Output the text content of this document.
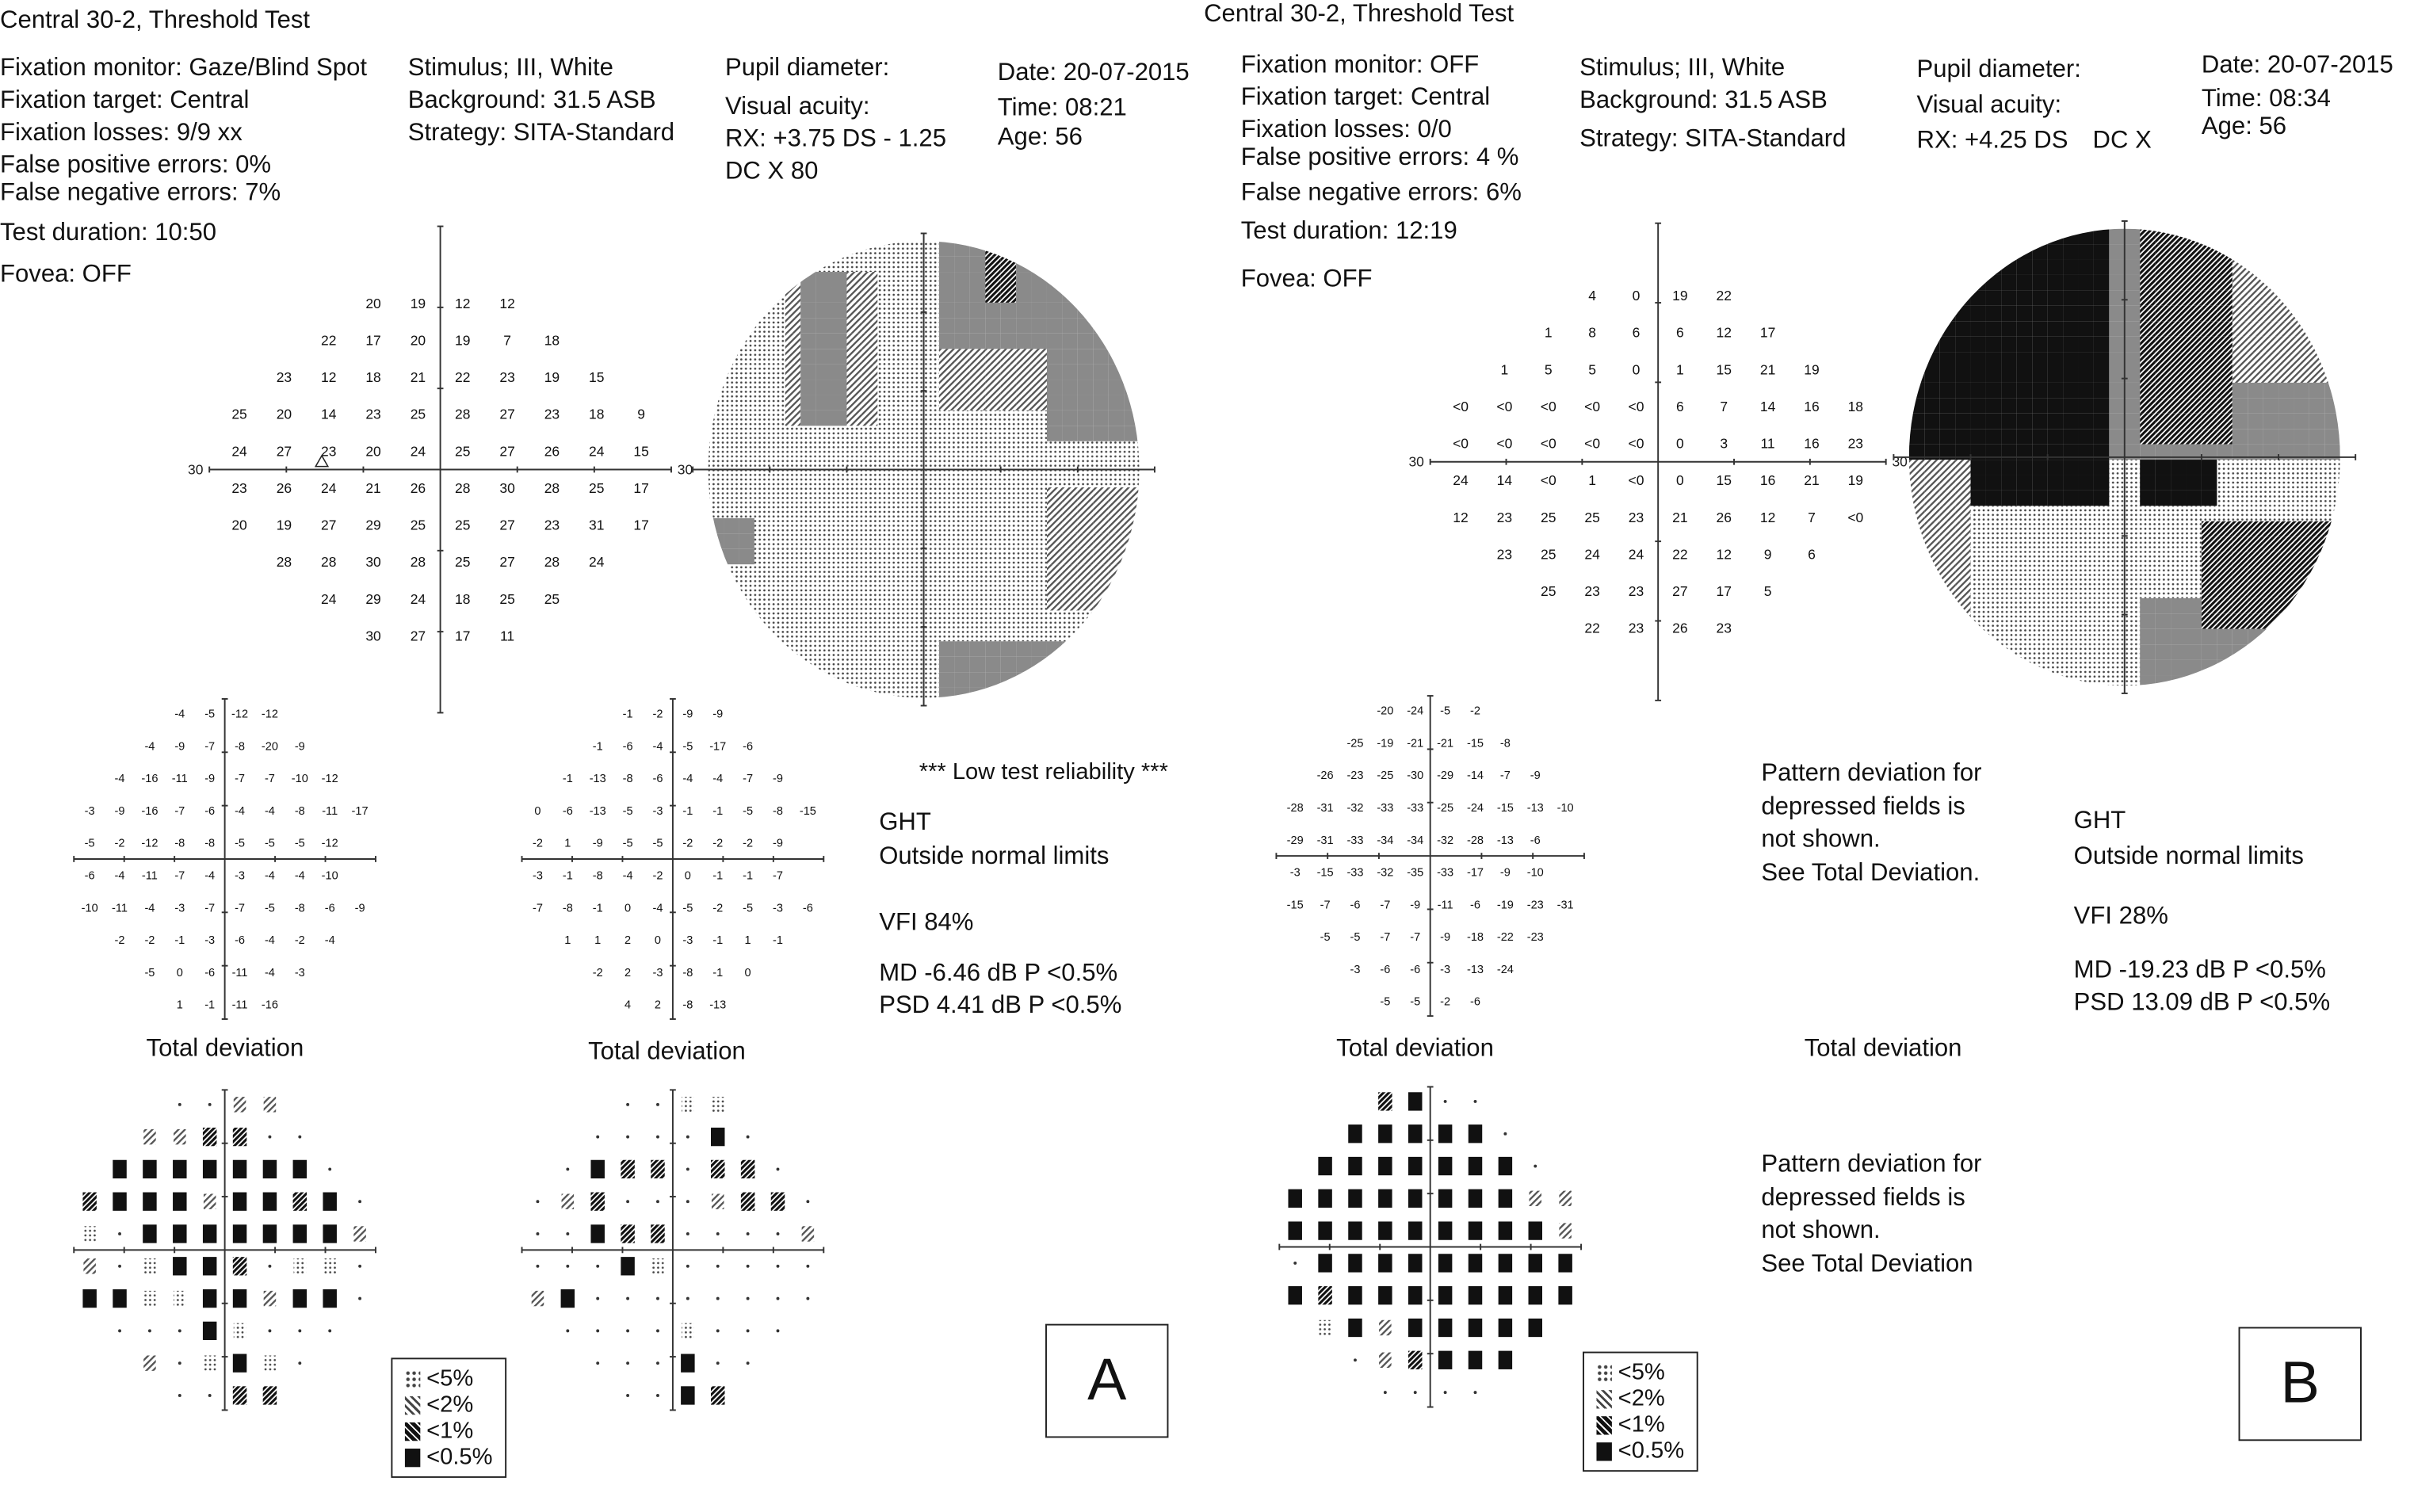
Central 30-2, Threshold Test
Fixation monitor: Gaze/Blind Spot
Fixation target: Central
Fixation losses: 9/9 xx
False positive errors: 0%
False negative errors: 7%
Test duration: 10:50
Fovea: OFF
Stimulus; III, White
Background: 31.5 ASB
Strategy: SITA-Standard
Pupil diameter:
Visual acuity:
RX: +3.75 DS - 1.25
DC X 80
Date: 20-07-2015
Time: 08:21
Age: 56
30	30
20	19	12	12
22	17	20	19	7	18
23	12	18	21	22	23	19	15
25	20	14	23	25	28	27	23	18	9
24	27	23	20	24	25	27	26	24	15
23	26	24	21	26	28	30	28	25	17
20	19	27	29	25	25	27	23	31	17
28	28	30	28	25	27	28	24
24	29	24	18	25	25
30	27	17	11
-4	-5	-12 -12
-4	-9	-7	-8	-20	-9
-4	-16 -11	-9	-7	-7	-10 -12
-3	-9	-16	-7	-6	-4	-4	-8	-11 -17
-5	-2	-12	-8	-8	-5	-5	-5	-12
-6	-4	-11	-7	-4	-3	-4	-4	-10
-10 -11	-4	-3	-7	-7	-5	-8	-6	-9
-2	-2	-1	-3	-6	-4	-2	-4
-5	0	-6	-11	-4	-3
1	-1	-11 -16
-1	-2	-9	-9
-1	-6	-4	-5	-17	-6
-1	-13	-8	-6	-4	-4	-7	-9
0	-6	-13	-5	-3	-1	-1	-5	-8	-15
-2	1	-9	-5	-5	-2	-2	-2	-9
-3	-1	-8	-4	-2	0	-1	-1	-7
-7	-8	-1	0	-4	-5	-2	-5	-3	-6
1	1	2	0	-3	-1	1	-1
-2	2	-3	-8	-1	0
4	2	-8	-13
Total deviation	Total deviation
*** Low test reliability ***
GHT
Outside normal limits
VFI 84%
MD -6.46 dB P <0.5%
PSD 4.41 dB P <0.5%
<5%
<2%
<1%
<0.5%
A
Central 30-2, Threshold Test
Fixation monitor: OFF
Fixation target: Central
Fixation losses: 0/0
False positive errors: 4 %
False negative errors: 6%
Test duration: 12:19
Fovea: OFF
Stimulus; III, White
Background: 31.5 ASB
Strategy: SITA-Standard
Pupil diameter:
Visual acuity:
RX: +4.25 DS DC X
Date: 20-07-2015
Time: 08:34
Age: 56
30	30
4	0	19	22
1	8	6	6	12	17
1	5	5	0	1	15	21	19
<0	<0	<0	<0	<0	6	7	14	16	18
<0	<0	<0	<0	<0	0	3	11	16	23
24	14	<0	1	<0	0	15	16	21	19
12	23	25	25	23	21	26	12	7	<0
23	25	24	24	22	12	9	6
25	23	23	27	17	5
22	23	26	23
-20 -24	-5	-2
-25 -19 -21 -21 -15	-8
-26 -23 -25 -30 -29 -14	-7	-9
-28 -31 -32 -33 -33 -25 -24 -15 -13 -10
-29 -31 -33 -34 -34 -32 -28 -13	-6
-3	-15 -33 -32 -35 -33 -17	-9	-10
-15	-7	-6	-7	-9	-11	-6	-19 -23 -31
-5	-5	-7	-7	-9	-18 -22 -23
-3	-6	-6	-3	-13 -24
-5	-5	-2	-6
Total deviation
Pattern deviation for
depressed fields is
not shown.
See Total Deviation.
Total deviation
GHT
Outside normal limits
VFI 28%
MD -19.23 dB P <0.5%
PSD 13.09 dB P <0.5%
Pattern deviation for
depressed fields is
not shown.
See Total Deviation
<5%
<2%
<1%
<0.5%
B
